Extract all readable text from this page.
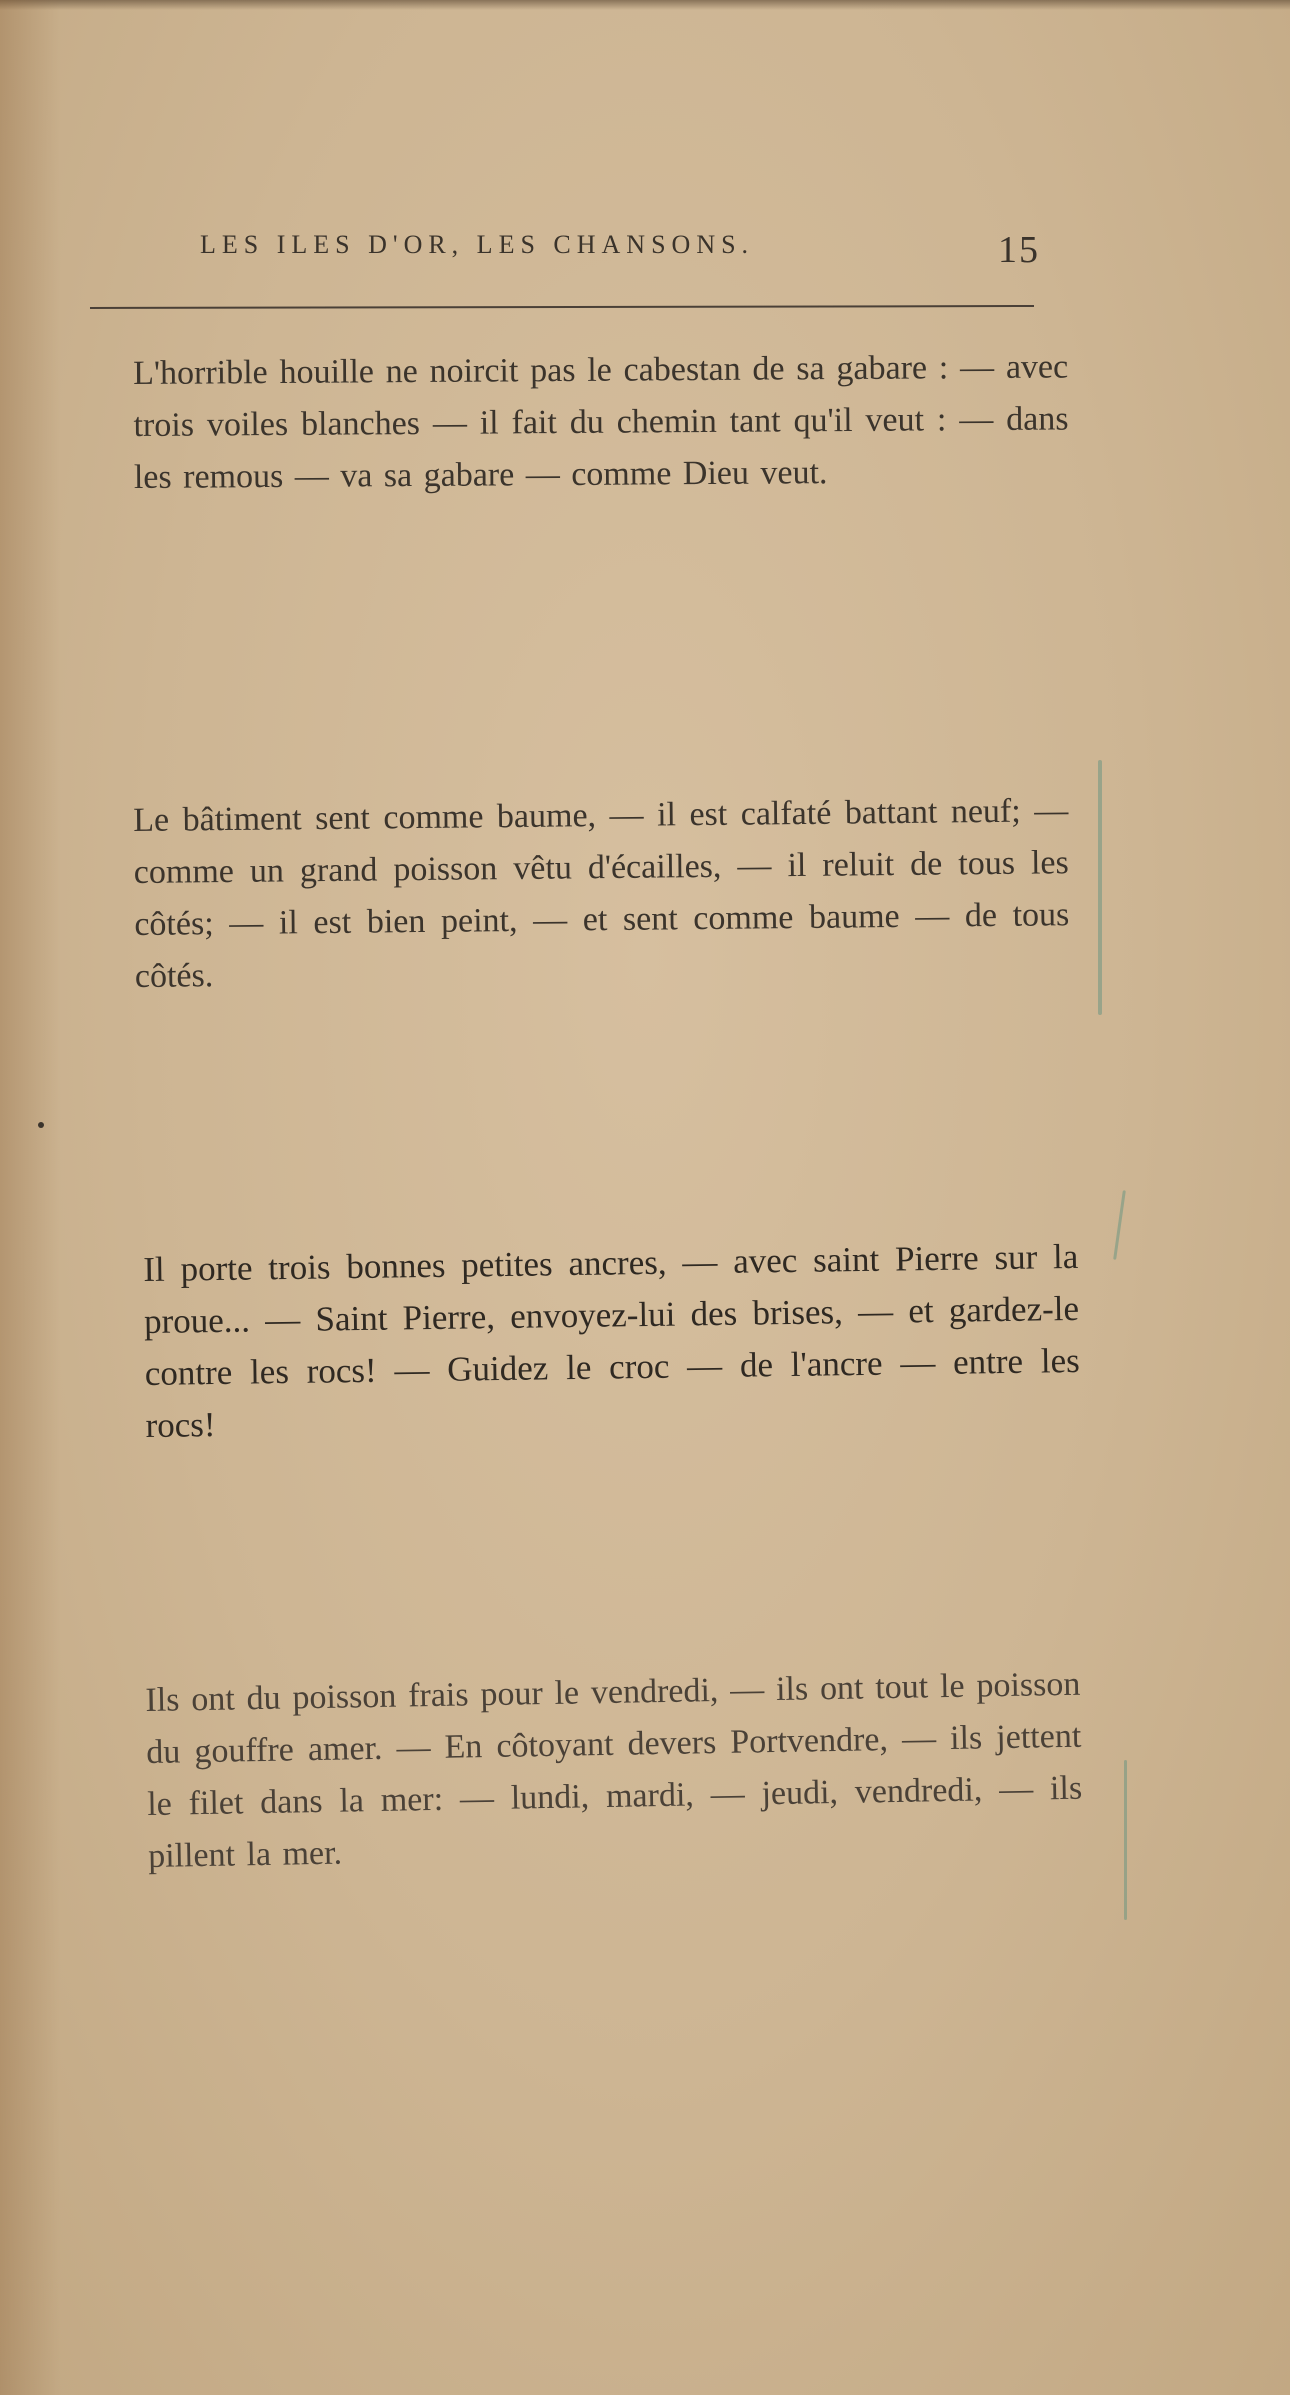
LES ILES D'OR, LES CHANSONS.	15

L'horrible houille ne noircit pas le cabestan de sa gabare : — avec trois voiles blanches — il fait du chemin tant qu'il veut : — dans les remous — va sa gabare — comme Dieu veut.

Le bâtiment sent comme baume, — il est calfaté battant neuf; — comme un grand poisson vêtu d'écailles, — il reluit de tous les côtés; — il est bien peint, — et sent comme baume — de tous côtés.

Il porte trois bonnes petites ancres, — avec saint Pierre sur la proue... — Saint Pierre, envoyez-lui des brises, — et gardez-le contre les rocs! — Guidez le croc — de l'ancre — entre les rocs!

Ils ont du poisson frais pour le vendredi, — ils ont tout le poisson du gouffre amer. — En côtoyant devers Portvendre, — ils jettent le filet dans la mer: — lundi, mardi, — jeudi, vendredi, — ils pillent la mer.
